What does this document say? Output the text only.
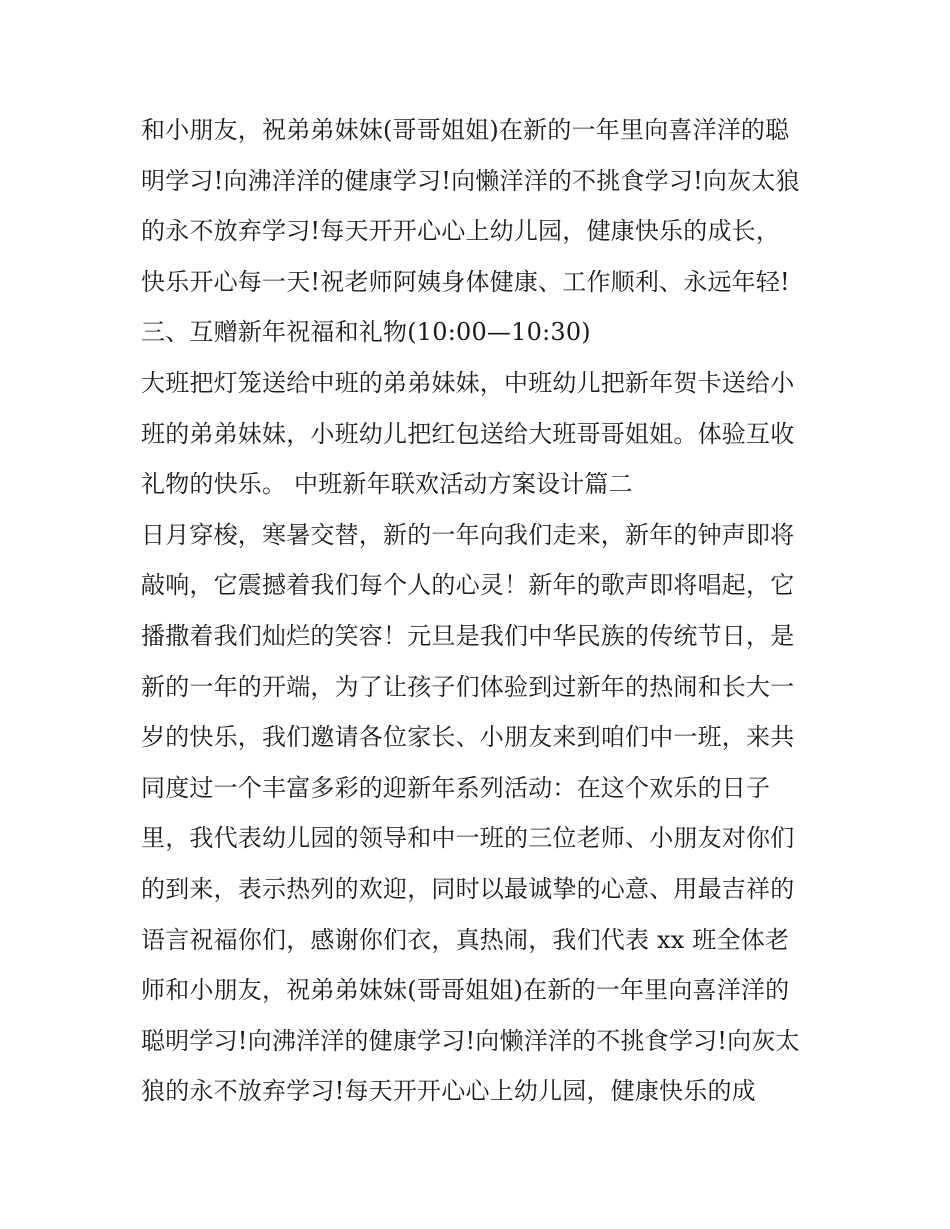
和小朋友，祝弟弟妹妹(哥哥姐姐)在新的一年里向喜洋洋的聪
明学习!向沸洋洋的健康学习!向懒洋洋的不挑食学习!向灰太狼
的永不放弃学习!每天开开心心上幼儿园，健康快乐的成长，
快乐开心每一天!祝老师阿姨身体健康、工作顺利、永远年轻!
三、互赠新年祝福和礼物(10:00—10:30)
大班把灯笼送给中班的弟弟妹妹，中班幼儿把新年贺卡送给小
班的弟弟妹妹，小班幼儿把红包送给大班哥哥姐姐。体验互收
礼物的快乐。 中班新年联欢活动方案设计篇二
日月穿梭，寒暑交替，新的一年向我们走来，新年的钟声即将
敲响，它震撼着我们每个人的心灵！新年的歌声即将唱起，它
播撒着我们灿烂的笑容！元旦是我们中华民族的传统节日，是
新的一年的开端，为了让孩子们体验到过新年的热闹和长大一
岁的快乐，我们邀请各位家长、小朋友来到咱们中一班，来共
同度过一个丰富多彩的迎新年系列活动：在这个欢乐的日子
里，我代表幼儿园的领导和中一班的三位老师、小朋友对你们
的到来，表示热列的欢迎，同时以最诚挚的心意、用最吉祥的
语言祝福你们，感谢你们衣，真热闹，我们代表 xx 班全体老
师和小朋友，祝弟弟妹妹(哥哥姐姐)在新的一年里向喜洋洋的
聪明学习!向沸洋洋的健康学习!向懒洋洋的不挑食学习!向灰太
狼的永不放弃学习!每天开开心心上幼儿园，健康快乐的成
